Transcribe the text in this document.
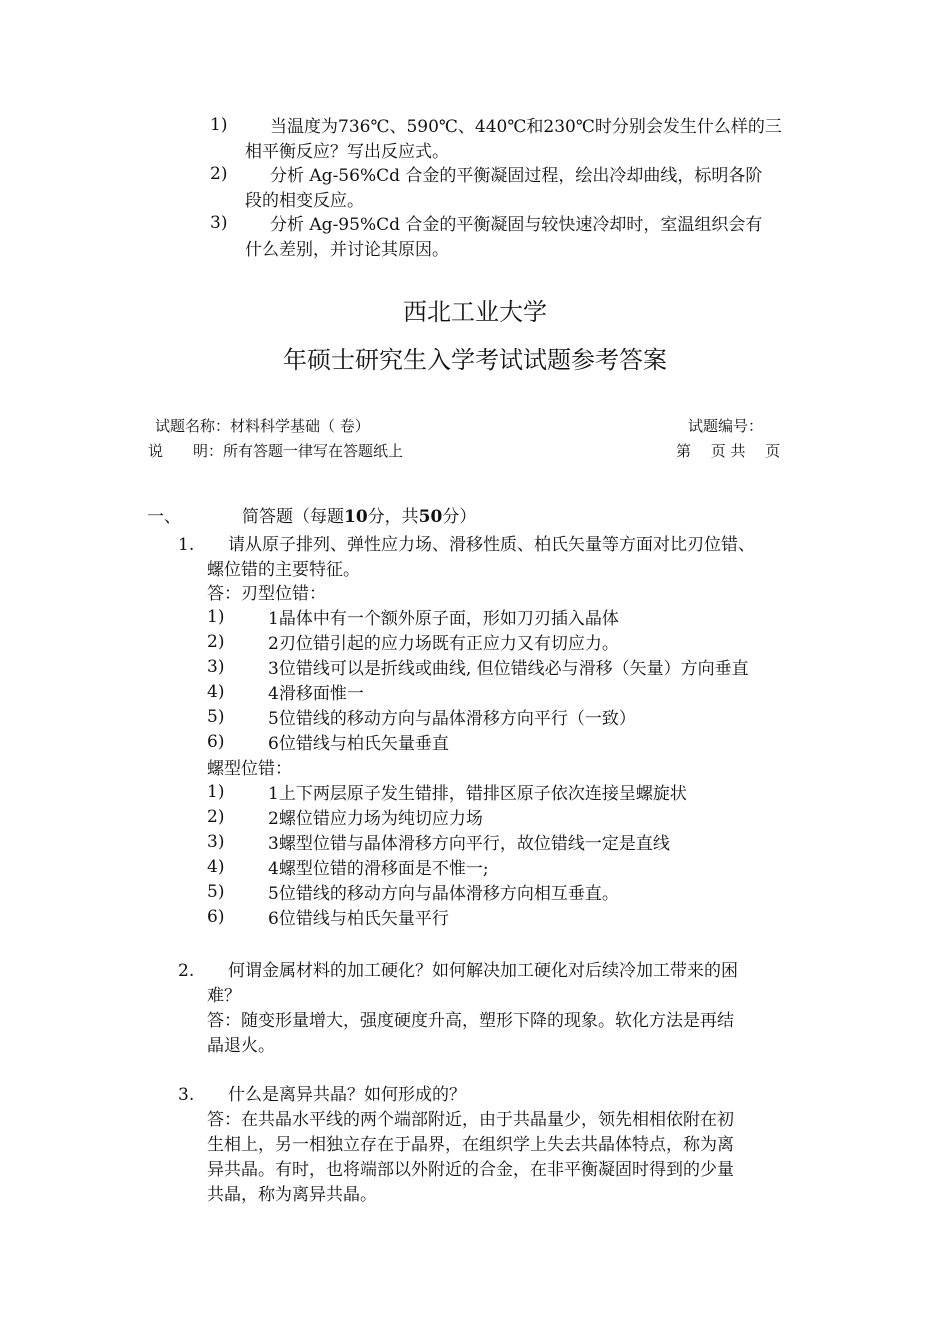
1)	当温度为736℃、590℃、440℃和230℃时分别会发生什么样的三
相平衡反应？写出反应式。
2)	分析 Ag-56%Cd 合金的平衡凝固过程，绘出冷却曲线，标明各阶
段的相变反应。
3)	分析 Ag-95%Cd 合金的平衡凝固与较快速冷却时，室温组织会有
什么差别，并讨论其原因。
西北工业大学
年硕士研究生入学考试试题参考答案
试题名称：材料科学基础（ 卷）	试题编号：
说　　明：所有答题一律写在答题纸上	第　 页 共　 页
一、	简答题（每题10分，共50分）
1. 请从原子排列、弹性应力场、滑移性质、柏氏矢量等方面对比刃位错、
螺位错的主要特征。
答：刃型位错：
1)	1晶体中有一个额外原子面，形如刀刃插入晶体
2)	2刃位错引起的应力场既有正应力又有切应力。
3)	3位错线可以是折线或曲线, 但位错线必与滑移（矢量）方向垂直
4)	4滑移面惟一
5)	5位错线的移动方向与晶体滑移方向平行（一致）
6)	6位错线与柏氏矢量垂直
螺型位错：
1)	1上下两层原子发生错排，错排区原子依次连接呈螺旋状
2)	2螺位错应力场为纯切应力场
3)	3螺型位错与晶体滑移方向平行，故位错线一定是直线
4)	4螺型位错的滑移面是不惟一;
5)	5位错线的移动方向与晶体滑移方向相互垂直。
6)	6位错线与柏氏矢量平行
2. 何谓金属材料的加工硬化？如何解决加工硬化对后续冷加工带来的困
难？
答：随变形量增大，强度硬度升高，塑形下降的现象。软化方法是再结
晶退火。
3. 什么是离异共晶？如何形成的？
答：在共晶水平线的两个端部附近，由于共晶量少，领先相相依附在初
生相上，另一相独立存在于晶界，在组织学上失去共晶体特点，称为离
异共晶。有时，也将端部以外附近的合金，在非平衡凝固时得到的少量
共晶，称为离异共晶。
